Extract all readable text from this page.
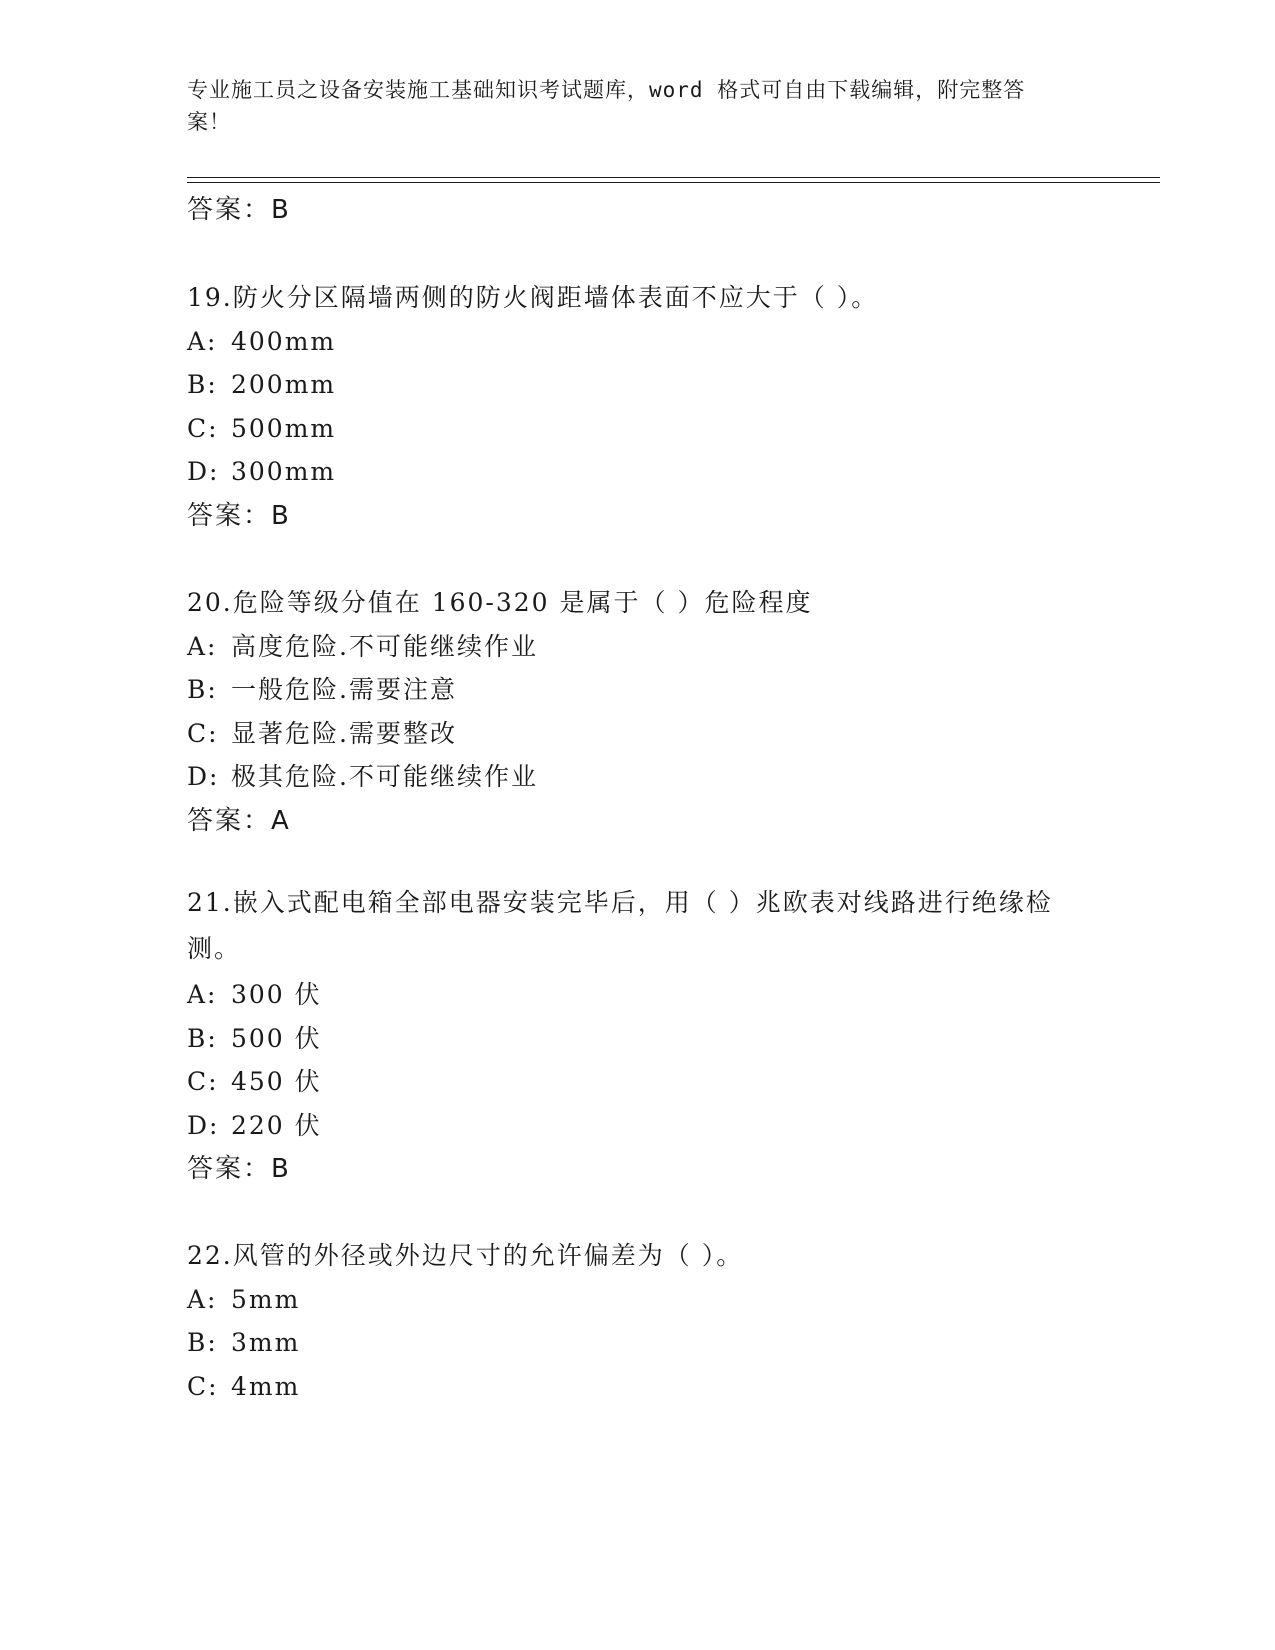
专业施工员之设备安装施工基础知识考试题库，word 格式可自由下载编辑，附完整答案！
答案：B
19.防火分区隔墙两侧的防火阀距墙体表面不应大于（ ）。
A: 400mm
B: 200mm
C: 500mm
D: 300mm
答案：B
20.危险等级分值在 160-320 是属于（ ）危险程度
A: 高度危险.不可能继续作业
B: 一般危险.需要注意
C: 显著危险.需要整改
D: 极其危险.不可能继续作业
答案：A
21.嵌入式配电箱全部电器安装完毕后，用（ ）兆欧表对线路进行绝缘检测。
A: 300 伏
B: 500 伏
C: 450 伏
D: 220 伏
答案：B
22.风管的外径或外边尺寸的允许偏差为（ ）。
A: 5mm
B: 3mm
C: 4mm
